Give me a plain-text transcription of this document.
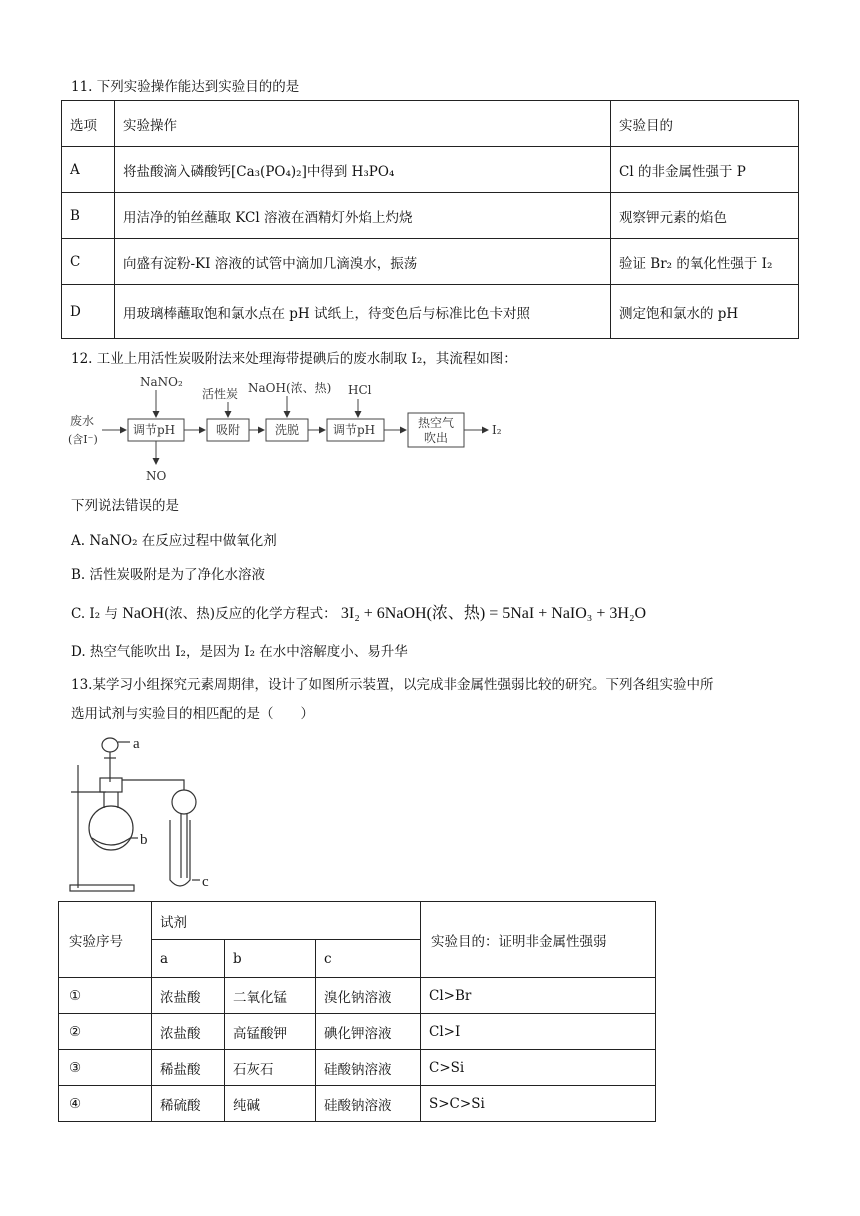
11. 下列实验操作能达到实验目的的是
选项	实验操作	实验目的
A	将盐酸滴入磷酸钙[Ca₃(PO₄)₂]中得到 H₃PO₄	Cl 的非金属性强于 P
B	用洁净的铂丝蘸取 KCl 溶液在酒精灯外焰上灼烧	观察钾元素的焰色
C	向盛有淀粉-KI 溶液的试管中滴加几滴溴水，振荡	验证 Br₂ 的氧化性强于 I₂
D	用玻璃棒蘸取饱和氯水点在 pH 试纸上，待变色后与标准比色卡对照	测定饱和氯水的 pH
12. 工业上用活性炭吸附法来处理海带提碘后的废水制取 I₂，其流程如图：
废水
(含I⁻)
NaNO₂
活性炭 NaOH(浓、热) HCl
NO
调节pH	吸附	洗脱	调节pH	热空气
吹出
I₂
下列说法错误的是
A. NaNO₂ 在反应过程中做氧化剂
B. 活性炭吸附是为了净化水溶液
C. I₂ 与 NaOH(浓、热)反应的化学方程式： 3I₂ + 6NaOH(浓、热) = 5NaI + NaIO₃ + 3H₂O
D. 热空气能吹出 I₂，是因为 I₂ 在水中溶解度小、易升华
13.某学习小组探究元素周期律，设计了如图所示装置，以完成非金属性强弱比较的研究。下列各组实验中所
选用试剂与实验目的相匹配的是（　　）
a
b
c
实验序号	试剂			实验目的：证明非金属性强弱
	a	b	c	
①	浓盐酸	二氧化锰	溴化钠溶液	Cl>Br
②	浓盐酸	高锰酸钾	碘化钾溶液	Cl>I
③	稀盐酸	石灰石	硅酸钠溶液	C>Si
④	稀硫酸	纯碱	硅酸钠溶液	S>C>Si
